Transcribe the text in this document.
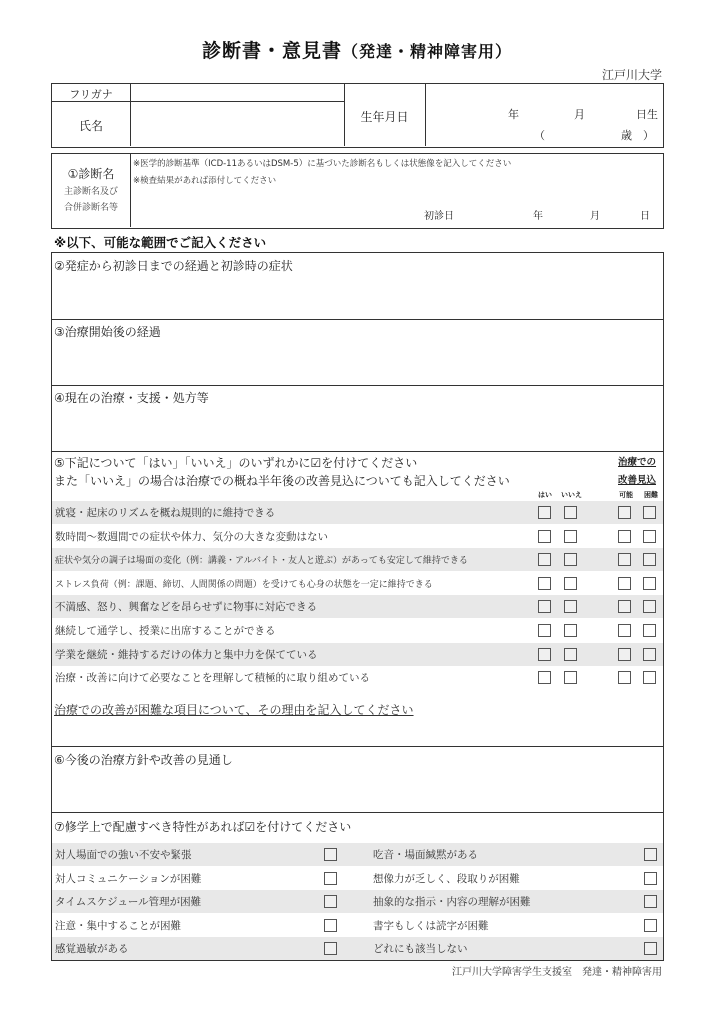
診断書・意見書（発達・精神障害用）
江戸川大学
フリガナ
氏名
生年月日	年	月	日生
（	歳　）
①診断名
主診断名及び
合併診断名等
※医学的診断基準（ICD-11あるいはDSM-5）に基づいた診断名もしくは状態像を記入してください
※検査結果があれば添付してください
初診日	年	月	日
※以下、可能な範囲でご記入ください
②発症から初診日までの経過と初診時の症状
③治療開始後の経過
④現在の治療・支援・処方等
⑤下記について「はい」「いいえ」のいずれかに☑を付けてください
また「いいえ」の場合は治療での概ね半年後の改善見込についても記入してください
治療での
改善見込
はい いいえ	可能 困難
就寝・起床のリズムを概ね規則的に維持できる
数時間〜数週間での症状や体力、気分の大きな変動はない
症状や気分の調子は場面の変化（例：講義・アルバイト・友人と遊ぶ）があっても安定して維持できる
ストレス負荷（例：課題、締切、人間関係の問題）を受けても心身の状態を一定に維持できる
不満感、怒り、興奮などを昂らせずに物事に対応できる
継続して通学し、授業に出席することができる
学業を継続・維持するだけの体力と集中力を保てている
治療・改善に向けて必要なことを理解して積極的に取り組めている
治療での改善が困難な項目について、その理由を記入してください
⑥今後の治療方針や改善の見通し
⑦修学上で配慮すべき特性があれば☑を付けてください
対人場面での強い不安や緊張	吃音・場面緘黙がある
対人コミュニケーションが困難	想像力が乏しく、段取りが困難
タイムスケジュール管理が困難	抽象的な指示・内容の理解が困難
注意・集中することが困難	書字もしくは読字が困難
感覚過敏がある	どれにも該当しない
江戸川大学障害学生支援室　発達・精神障害用
